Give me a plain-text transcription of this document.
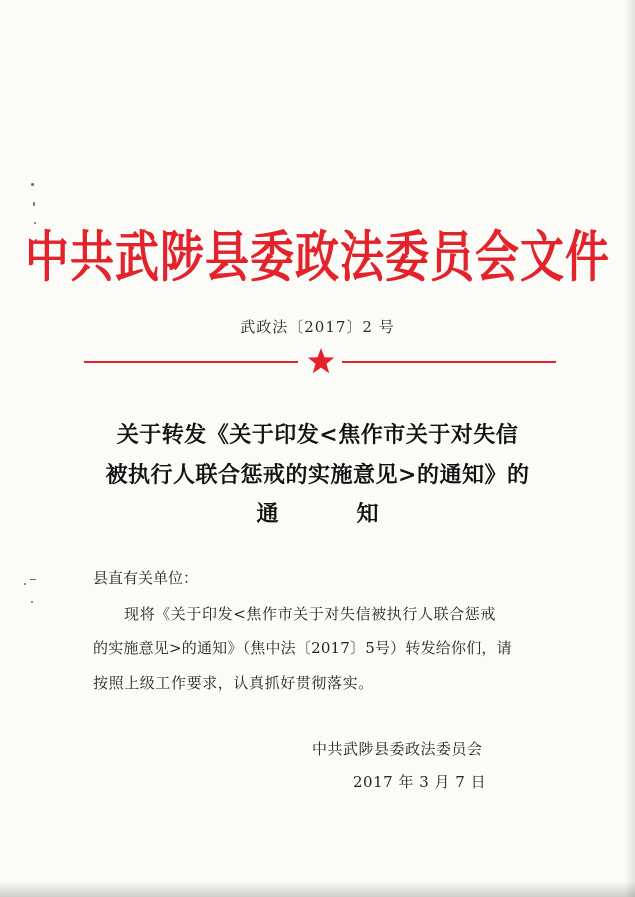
中共武陟县委政法委员会文件
武政法〔2017〕2 号
关于转发《关于印发<焦作市关于对失信
被执行人联合惩戒的实施意见>的通知》的
通知
县直有关单位：
现将《关于印发<焦作市关于对失信被执行人联合惩戒
的实施意见>的通知》（焦中法〔2017〕5号）转发给你们，请
按照上级工作要求，认真抓好贯彻落实。
中共武陟县委政法委员会
2017 年 3 月 7 日
